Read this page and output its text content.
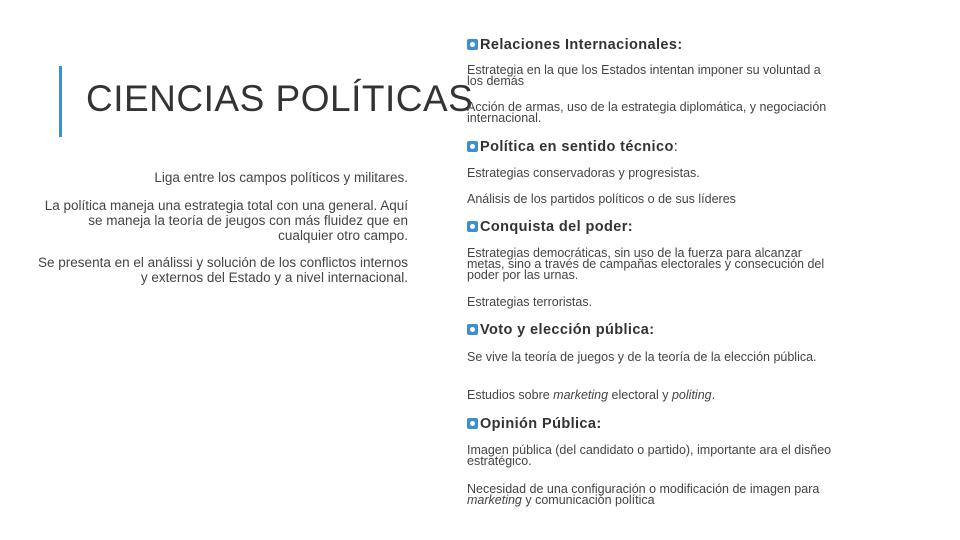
CIENCIAS POLÍTICAS

Liga entre los campos políticos y militares.

La política maneja una estrategia total con una general. Aquí se maneja la teoría de jeugos con más fluidez que en cualquier otro campo.

Se presenta en el análissi y solución de los conflictos internos y externos del Estado y a nivel internacional.

Relaciones Internacionales:

Estrategia en la que los Estados intentan imponer su voluntad a los demás

Acción de armas, uso de la estrategia diplomática, y negociación internacional.

Política en sentido técnico:

Estrategias conservadoras y progresistas.

Análisis de los partidos políticos o de sus líderes

Conquista del poder:

Estrategias democráticas, sin uso de la fuerza para alcanzar metas, sino a través de campañas electorales y consecución del poder por las urnas.

Estrategias terroristas.

Voto y elección pública:

Se vive la teoría de juegos y de la teoría de la elección pública.

Estudios sobre marketing electoral y politing.

Opinión Pública:

Imagen pública (del candidato o partido), importante ara el disñeo estratégico.

Necesidad de una configuración o modificación de imagen para marketing y comunicación política
